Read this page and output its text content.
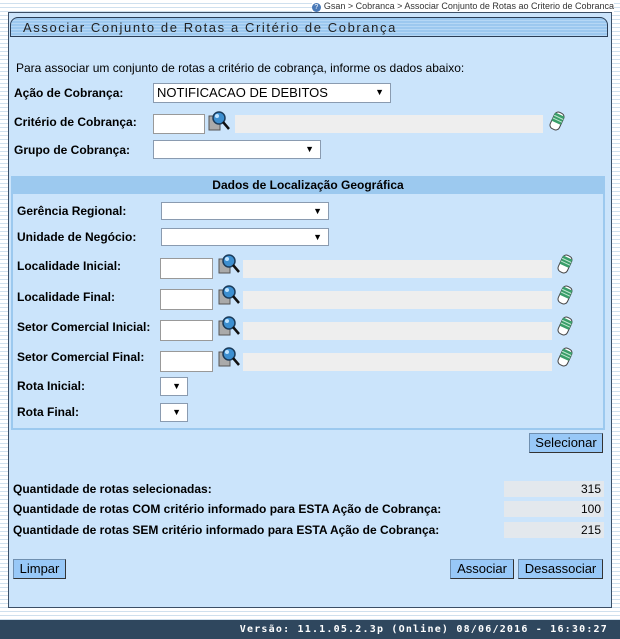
? Gsan > Cobranca > Associar Conjunto de Rotas ao Criterio de Cobranca
Associar Conjunto de Rotas a Critério de Cobrança
Para associar um conjunto de rotas a critério de cobrança, informe os dados abaixo:
Ação de Cobrança:	NOTIFICACAO DE DEBITOS	▼
Critério de Cobrança:
Grupo de Cobrança:	▼
Dados de Localização Geográfica
Gerência Regional:	▼
Unidade de Negócio:	▼
Localidade Inicial:
Localidade Final:
Setor Comercial Inicial:
Setor Comercial Final:
Rota Inicial:	▼
Rota Final:	▼
Selecionar
Quantidade de rotas selecionadas:	315
Quantidade de rotas COM critério informado para ESTA Ação de Cobrança:	100
Quantidade de rotas SEM critério informado para ESTA Ação de Cobrança:	215
Limpar	Associar	Desassociar
Versão: 11.1.05.2.3p (Online) 08/06/2016 - 16:30:27
